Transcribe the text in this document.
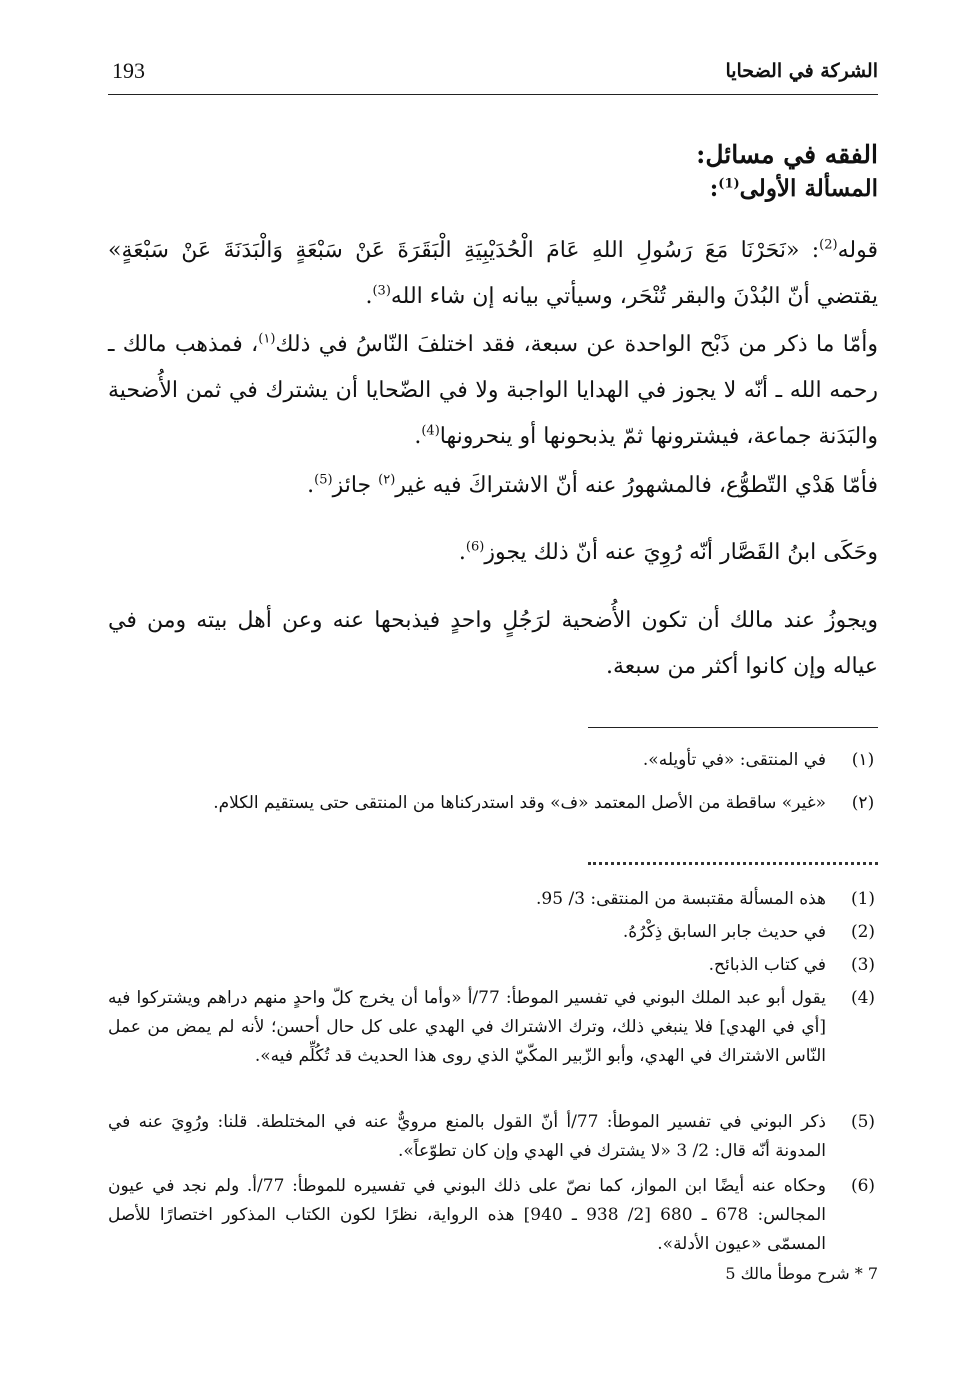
193	الشركة في الضحايا
الفقه في مسائل:
المسألة الأولى$^{(1)}$:
قوله$^{(2)}$: «نَحَرْنَا مَعَ رَسُولِ اللهِ عَامَ الْحُدَيْبِيَةِ الْبَقَرَةَ عَنْ سَبْعَةٍ وَالْبَدَنَةَ عَنْ سَبْعَةٍ» يقتضي أنّ البُدْنَ والبقر تُنْحَر، وسيأتي بيانه إن شاء الله$^{(3)}$.
وأمّا ما ذكر من ذَبْح الواحدة عن سبعة، فقد اختلفَ النّاسُ في ذلك$^{(١)}$، فمذهب مالك ـ رحمه الله ـ أنّه لا يجوز في الهدايا الواجبة ولا في الضّحايا أن يشترك في ثمن الأُضحية والبَدَنة جماعة، فيشترونها ثمّ يذبحونها أو ينحرونها$^{(4)}$.
فأمّا هَدْي التّطوُّع، فالمشهورُ عنه أنّ الاشتراكَ فيه غير$^{(٢)}$ جائز$^{(5)}$.
وحَكَى ابنُ القَصَّار أنّه رُوِيَ عنه أنّ ذلك يجوز$^{(6)}$.
ويجوزُ عند مالك أن تكون الأُضحية لرَجُلٍ واحدٍ فيذبحها عنه وعن أهل بيته ومن في عياله وإن كانوا أكثر من سبعة.
(١)
في المنتقى: «في تأويله».
(٢)
«غير» ساقطة من الأصل المعتمد «ف» وقد استدركناها من المنتقى حتى يستقيم الكلام.
(1)
هذه المسألة مقتبسة من المنتقى: 3/ 95.
(2)
في حديث جابر السابق ذِكْرُهُ.
(3)
في كتاب الذبائح.
(4)
يقول أبو عبد الملك البوني في تفسير الموطأ: 77/أ «وأما أن يخرج كلّ واحدٍ منهم دراهم ويشتركوا فيه [أي في الهدي] فلا ينبغي ذلك، وترك الاشتراك في الهدي على كل حال أحسن؛ لأنه لم يمض من عمل النّاس الاشتراك في الهدي، وأبو الزّبير المكّيّ الذي روى هذا الحديث قد تُكُلِّم فيه».
(5)
ذكر البوني في تفسير الموطأ: 77/أ أنّ القول بالمنع مرويٌّ عنه في المختلطة. قلنا: ورُوِيَ عنه في المدونة أنّه قال: 2/ 3 «لا يشترك في الهدي وإن كان تطوّعاً».
(6)
وحكاه عنه أيضًا ابن المواز، كما نصّ على ذلك البوني في تفسيره للموطأ: 77/أ. ولم نجد في عيون المجالس: 678 ـ 680 [2/ 938 ـ 940] هذه الرواية، نظرًا لكون الكتاب المذكور اختصارًا للأصل المسمّى «عيون الأدلة».
7 * شرح موطأ مالك 5
